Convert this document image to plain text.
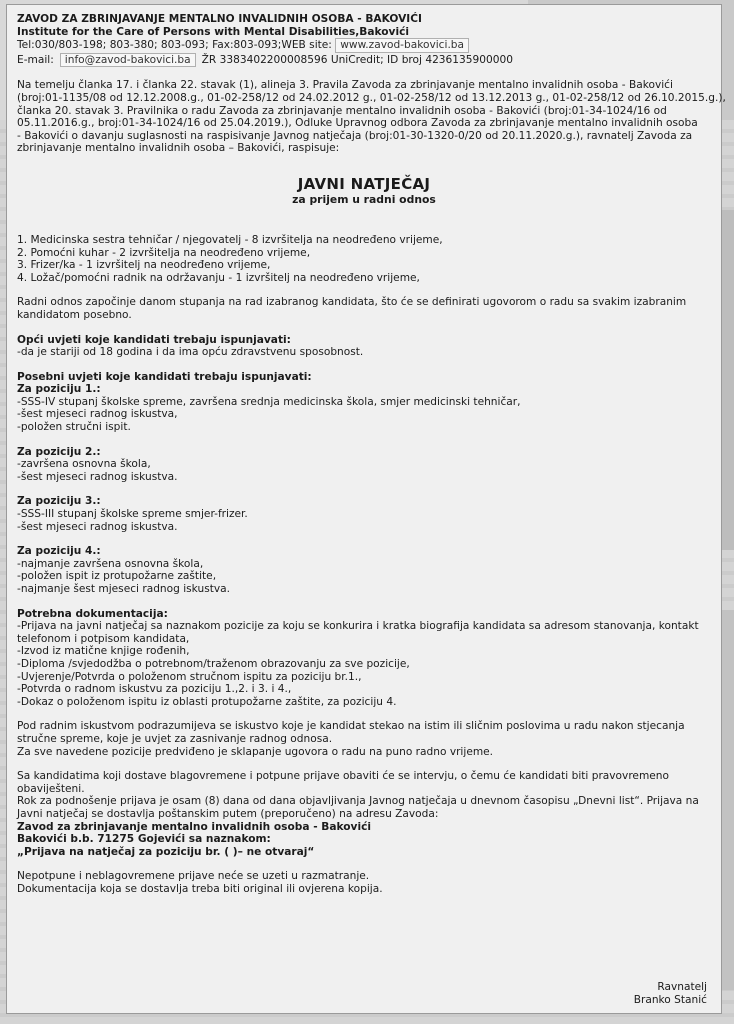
ZAVOD ZA ZBRINJAVANJE MENTALNO INVALIDNIH OSOBA - BAKOVIĆI
Institute for the Care of Persons with Mental Disabilities,Bakovići
Tel:030/803-198; 803-380; 803-093; Fax:803-093;WEB site: www.zavod-bakovici.ba
E-mail:	info@zavod-bakovici.ba	ŽR 3383402200008596 UniCredit; ID broj 4236135900000
Na temelju članka 17. i članka 22. stavak (1), alineja 3. Pravila Zavoda za zbrinjavanje mentalno invalidnih osoba - Bakovići
(broj:01-1135/08 od 12.12.2008.g., 01-02-258/12 od 24.02.2012 g., 01-02-258/12 od 13.12.2013 g., 01-02-258/12 od 26.10.2015.g.),
članka 20. stavak 3. Pravilnika o radu Zavoda za zbrinjavanje mentalno invalidnih osoba - Bakovići (broj:01-34-1024/16 od
05.11.2016.g., broj:01-34-1024/16 od 25.04.2019.), Odluke Upravnog odbora Zavoda za zbrinjavanje mentalno invalidnih osoba
- Bakovići o davanju suglasnosti na raspisivanje Javnog natječaja (broj:01-30-1320-0/20 od 20.11.2020.g.), ravnatelj Zavoda za
zbrinjavanje mentalno invalidnih osoba – Bakovići, raspisuje:
JAVNI NATJEČAJ
za prijem u radni odnos
1. Medicinska sestra tehničar / njegovatelj - 8 izvršitelja na neodređeno vrijeme,
2. Pomoćni kuhar - 2 izvršitelja na neodređeno vrijeme,
3. Frizer/ka - 1 izvršitelj na neodređeno vrijeme,
4. Ložač/pomoćni radnik na održavanju - 1 izvršitelj na neodređeno vrijeme,
Radni odnos započinje danom stupanja na rad izabranog kandidata, što će se definirati ugovorom o radu sa svakim izabranim
kandidatom posebno.
Opći uvjeti koje kandidati trebaju ispunjavati:
-da je stariji od 18 godina i da ima opću zdravstvenu sposobnost.
Posebni uvjeti koje kandidati trebaju ispunjavati:
Za poziciju 1.:
-SSS-IV stupanj školske spreme, završena srednja medicinska škola, smjer medicinski tehničar,
-šest mjeseci radnog iskustva,
-položen stručni ispit.
Za poziciju 2.:
-završena osnovna škola,
-šest mjeseci radnog iskustva.
Za poziciju 3.:
-SSS-III stupanj školske spreme smjer-frizer.
-šest mjeseci radnog iskustva.
Za poziciju 4.:
-najmanje završena osnovna škola,
-položen ispit iz protupožarne zaštite,
-najmanje šest mjeseci radnog iskustva.
Potrebna dokumentacija:
-Prijava na javni natječaj sa naznakom pozicije za koju se konkurira i kratka biografija kandidata sa adresom stanovanja, kontakt
telefonom i potpisom kandidata,
-Izvod iz matične knjige rođenih,
-Diploma /svjedodžba o potrebnom/traženom obrazovanju za sve pozicije,
-Uvjerenje/Potvrda o položenom stručnom ispitu za poziciju br.1.,
-Potvrda o radnom iskustvu za poziciju 1.,2. i 3. i 4.,
-Dokaz o položenom ispitu iz oblasti protupožarne zaštite, za poziciju 4.
Pod radnim iskustvom podrazumijeva se iskustvo koje je kandidat stekao na istim ili sličnim poslovima u radu nakon stjecanja
stručne spreme, koje je uvjet za zasnivanje radnog odnosa.
Za sve navedene pozicije predviđeno je sklapanje ugovora o radu na puno radno vrijeme.
Sa kandidatima koji dostave blagovremene i potpune prijave obaviti će se intervju, o čemu će kandidati biti pravovremeno
obaviješteni.
Rok za podnošenje prijava je osam (8) dana od dana objavljivanja Javnog natječaja u dnevnom časopisu „Dnevni list“. Prijava na
Javni natječaj se dostavlja poštanskim putem (preporučeno) na adresu Zavoda:
Zavod za zbrinjavanje mentalno invalidnih osoba - Bakovići
Bakovići b.b. 71275 Gojevići sa naznakom:
„Prijava na natječaj za poziciju br. ( )– ne otvaraj“
Nepotpune i neblagovremene prijave neće se uzeti u razmatranje.
Dokumentacija koja se dostavlja treba biti original ili ovjerena kopija.
Ravnatelj
Branko Stanić
